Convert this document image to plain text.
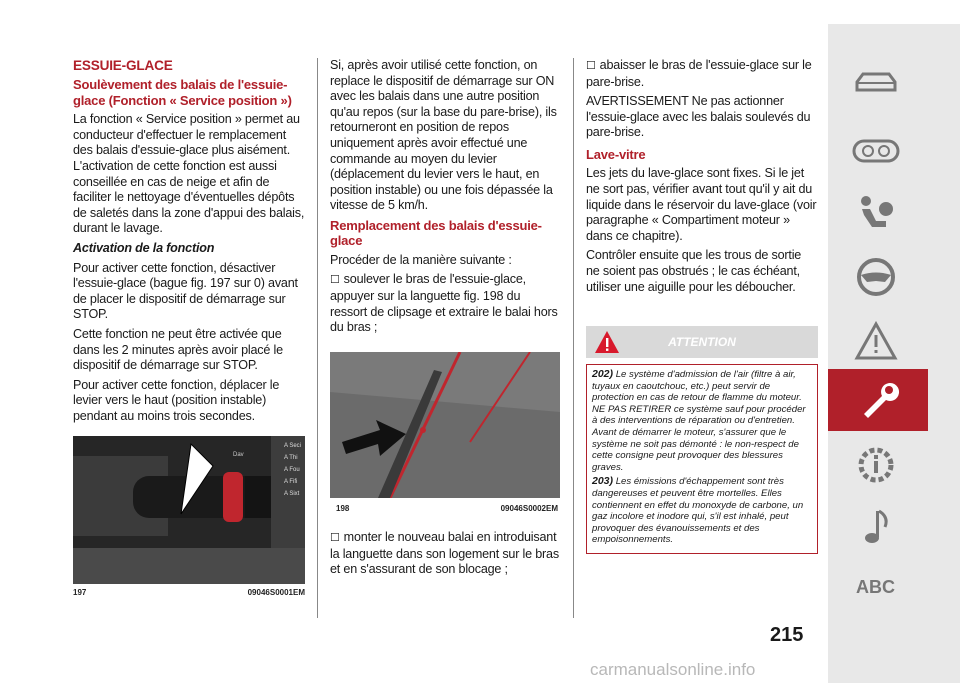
ESSUIE-GLACE

Soulèvement des balais de l'essuie-glace (Fonction « Service position »)

La fonction « Service position » permet au conducteur d'effectuer le remplacement des balais d'essuie-glace plus aisément. L'activation de cette fonction est aussi conseillée en cas de neige et afin de faciliter le nettoyage d'éventuelles dépôts de saletés dans la zone d'appui des balais, durant le lavage.

Activation de la fonction

Pour activer cette fonction, désactiver l'essuie-glace (bague fig. 197 sur 0) avant de placer le dispositif de démarrage sur STOP.

Cette fonction ne peut être activée que dans les 2 minutes après avoir placé le dispositif de démarrage sur STOP.

Pour activer cette fonction, déplacer le levier vers le haut (position instable) pendant au moins trois secondes.

A Seci
A Thi
A Fou
A Fifi
A Sixt
Dav
197	09046S0001EM

Si, après avoir utilisé cette fonction, on replace le dispositif de démarrage sur ON avec les balais dans une autre position qu'au repos (sur la base du pare-brise), ils retourneront en position de repos uniquement après avoir effectué une commande au moyen du levier (déplacement du levier vers le haut, en position instable) ou une fois dépassée la vitesse de 5 km/h.

Remplacement des balais d'essuie-glace

Procéder de la manière suivante :

☐ soulever le bras de l'essuie-glace, appuyer sur la languette fig. 198 du ressort de clipsage et extraire le balai hors du bras ;

198	09046S0002EM

☐ monter le nouveau balai en introduisant la languette dans son logement sur le bras et en s'assurant de son blocage ;

☐ abaisser le bras de l'essuie-glace sur le pare-brise.

AVERTISSEMENT Ne pas actionner l'essuie-glace avec les balais soulevés du pare-brise.

Lave-vitre

Les jets du lave-glace sont fixes. Si le jet ne sort pas, vérifier avant tout qu'il y ait du liquide dans le réservoir du lave-glace (voir paragraphe « Compartiment moteur » dans ce chapitre).

Contrôler ensuite que les trous de sortie ne soient pas obstrués ; le cas échéant, utiliser une aiguille pour les déboucher.

ATTENTION

202) Le système d'admission de l'air (filtre à air, tuyaux en caoutchouc, etc.) peut servir de protection en cas de retour de flamme du moteur. NE PAS RETIRER ce système sauf pour procéder à des interventions de réparation ou d'entretien. Avant de démarrer le moteur, s'assurer que le système ne soit pas démonté : le non-respect de cette consigne peut provoquer des blessures graves.

203) Les émissions d'échappement sont très dangereuses et peuvent être mortelles. Elles contiennent en effet du monoxyde de carbone, un gaz incolore et inodore qui, s'il est inhalé, peut provoquer des évanouissements et des empoisonnements.

ABC
215
carmanualsonline.info
